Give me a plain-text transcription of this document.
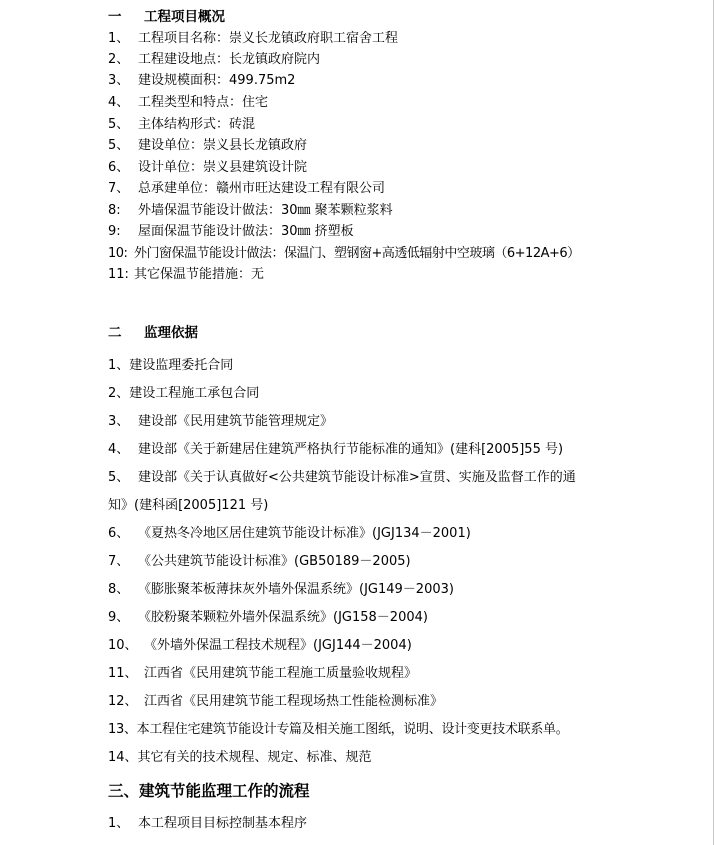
一 工程项目概况
1、 工程项目名称：崇义长龙镇政府职工宿舍工程
2、 工程建设地点：长龙镇政府院内
3、 建设规模面积：499.75m2
4、 工程类型和特点：住宅
5、 主体结构形式：砖混
5、 建设单位：崇义县长龙镇政府
6、 设计单位：崇义县建筑设计院
7、 总承建单位：赣州市旺达建设工程有限公司
8: 外墙保温节能设计做法：30㎜ 聚苯颗粒浆料
9: 屋面保温节能设计做法：30㎜ 挤塑板
10: 外门窗保温节能设计做法：保温门、塑钢窗+高透低辐射中空玻璃（6+12A+6）
11: 其它保温节能措施：无
二 监理依据
1、建设监理委托合同
2、建设工程施工承包合同
3、 建设部《民用建筑节能管理规定》
4、 建设部《关于新建居住建筑严格执行节能标准的通知》(建科[2005]55 号)
5、 建设部《关于认真做好<公共建筑节能设计标准>宣贯、实施及监督工作的通
知》(建科函[2005]121 号)
6、 《夏热冬冷地区居住建筑节能设计标准》(JGJ134－2001)
7、 《公共建筑节能设计标准》(GB50189－2005)
8、 《膨胀聚苯板薄抹灰外墙外保温系统》(JG149－2003)
9、 《胶粉聚苯颗粒外墙外保温系统》(JG158－2004)
10、 《外墙外保温工程技术规程》(JGJ144－2004)
11、 江西省《民用建筑节能工程施工质量验收规程》
12、 江西省《民用建筑节能工程现场热工性能检测标准》
13、本工程住宅建筑节能设计专篇及相关施工图纸，说明、设计变更技术联系单。
14、其它有关的技术规程、规定、标准、规范
三、建筑节能监理工作的流程
1、 本工程项目目标控制基本程序
